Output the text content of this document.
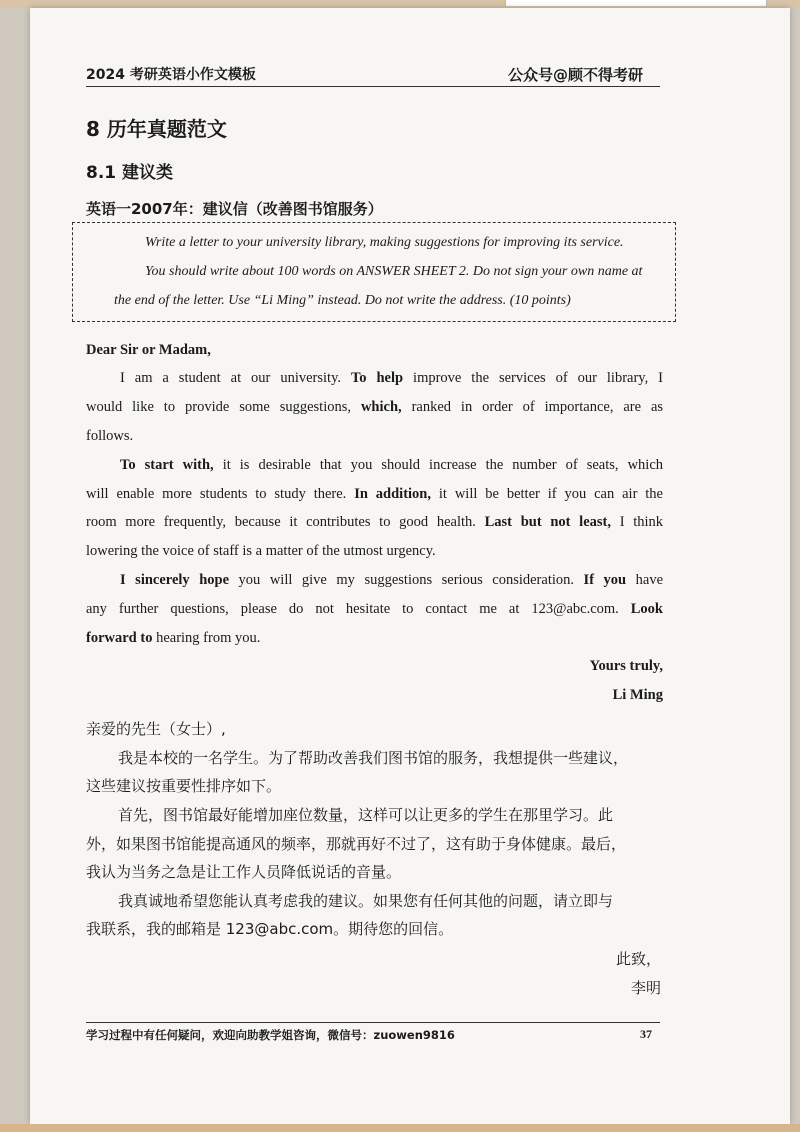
2024 考研英语小作文模板	公众号@顾不得考研
8 历年真题范文
8.1 建议类
英语一2007年：建议信（改善图书馆服务）
Write a letter to your university library, making suggestions for improving its service.
You should write about 100 words on ANSWER SHEET 2. Do not sign your own name at
the end of the letter. Use “Li Ming” instead. Do not write the address. (10 points)
Dear Sir or Madam,
I am a student at our university. To help improve the services of our library, I
would like to provide some suggestions, which, ranked in order of importance, are as
follows.
To start with, it is desirable that you should increase the number of seats, which
will enable more students to study there. In addition, it will be better if you can air the
room more frequently, because it contributes to good health. Last but not least, I think
lowering the voice of staff is a matter of the utmost urgency.
I sincerely hope you will give my suggestions serious consideration. If you have
any further questions, please do not hesitate to contact me at 123@abc.com. Look
forward to hearing from you.
Yours truly,
Li Ming
亲爱的先生（女士）,
我是本校的一名学生。为了帮助改善我们图书馆的服务，我想提供一些建议，
这些建议按重要性排序如下。
首先，图书馆最好能增加座位数量，这样可以让更多的学生在那里学习。此
外，如果图书馆能提高通风的频率，那就再好不过了，这有助于身体健康。最后，
我认为当务之急是让工作人员降低说话的音量。
我真诚地希望您能认真考虑我的建议。如果您有任何其他的问题，请立即与
我联系，我的邮箱是 123@abc.com。期待您的回信。
此致，
李明
学习过程中有任何疑问，欢迎向助教学姐咨询，微信号：zuowen9816	37
